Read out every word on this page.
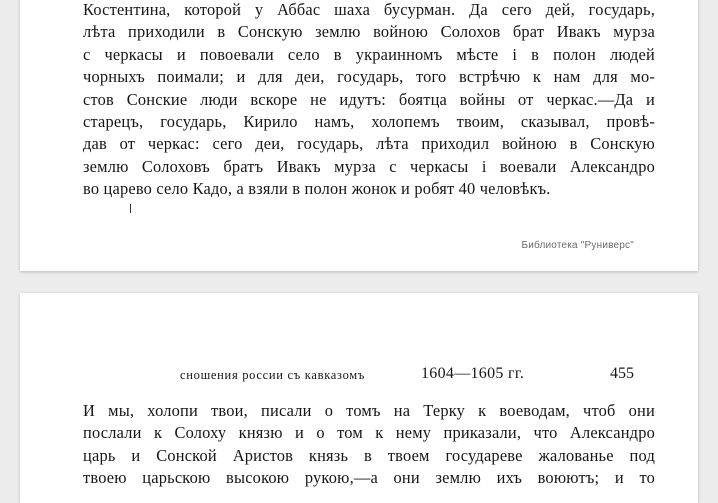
Костентина, которой у Аббас шаха бусурман. Да сего дей, государь,
лѣта приходили в Сонскую землю войною Солохов брат Ивакъ мурза
с черкасы и повоевали село в украинномъ мѣсте і в полон людей
чорныхъ поимали; и для деи, государь, того встрѣчю к нам для мо-
стов Сонские люди вскоре не идутъ: боятца войны от черкас.—Да и
старецъ, государь, Кирило намъ, холопемъ твоим, сказывал, провѣ-
дав от черкас: сего деи, государь, лѣта приходил войною в Сонскую
землю Солоховъ братъ Ивакъ мурза с черкасы і воевали Александро
во царево село Кадо, а взяли в полон жонок и робят 40 человѣкъ.
Библиотека "Руниверс"
сношения россии съ кавказомъ	1604—1605 гг.	455
И мы, холопи твои, писали о томъ на Терку к воеводам, чтоб они
послали к Солоху князю и о том к нему приказали, что Александро
царь и Сонской Аристов князь в твоем государеве жалованье под
твоею царьскою высокою рукою,—а они землю ихъ воюютъ; и то
